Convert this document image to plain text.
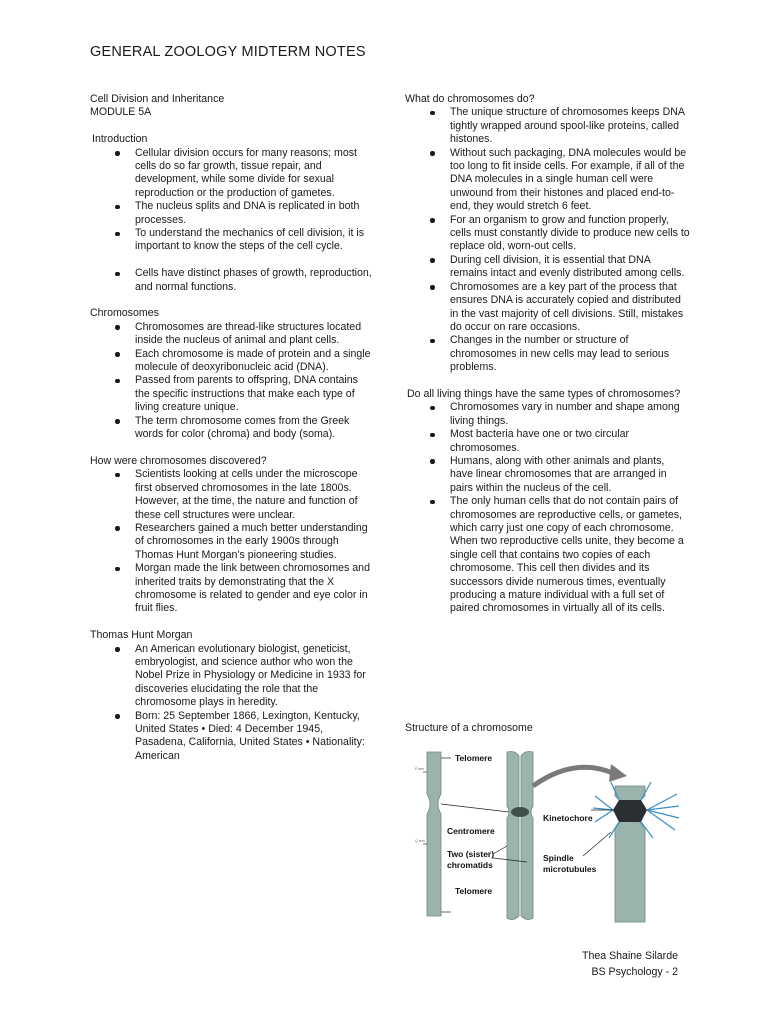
GENERAL ZOOLOGY MIDTERM NOTES
Cell Division and Inheritance
MODULE 5A
Introduction
Cellular division occurs for many reasons; most cells do so far growth, tissue repair, and development, while some divide for sexual reproduction or the production of gametes.
The nucleus splits and DNA is replicated in both processes.
To understand the mechanics of cell division, it is important to know the steps of the cell cycle.
Cells have distinct phases of growth, reproduction, and normal functions.
Chromosomes
Chromosomes are thread-like structures located inside the nucleus of animal and plant cells.
Each chromosome is made of protein and a single molecule of deoxyribonucleic acid (DNA).
Passed from parents to offspring, DNA contains the specific instructions that make each type of living creature unique.
The term chromosome comes from the Greek words for color (chroma) and body (soma).
How were chromosomes discovered?
Scientists looking at cells under the microscope first observed chromosomes in the late 1800s. However, at the time, the nature and function of these cell structures were unclear.
Researchers gained a much better understanding of chromosomes in the early 1900s through Thomas Hunt Morgan's pioneering studies.
Morgan made the link between chromosomes and inherited traits by demonstrating that the X chromosome is related to gender and eye color in fruit flies.
Thomas Hunt Morgan
An American evolutionary biologist, geneticist, embryologist, and science author who won the Nobel Prize in Physiology or Medicine in 1933 for discoveries elucidating the role that the chromosome plays in heredity.
Born: 25 September 1866, Lexington, Kentucky, United States • Died: 4 December 1945, Pasadena, California, United States • Nationality: American
What do chromosomes do?
The unique structure of chromosomes keeps DNA tightly wrapped around spool-like proteins, called histones.
Without such packaging, DNA molecules would be too long to fit inside cells. For example, if all of the DNA molecules in a single human cell were unwound from their histones and placed end-to-end, they would stretch 6 feet.
For an organism to grow and function properly, cells must constantly divide to produce new cells to replace old, worn-out cells.
During cell division, it is essential that DNA remains intact and evenly distributed among cells.
Chromosomes are a key part of the process that ensures DNA is accurately copied and distributed in the vast majority of cell divisions. Still, mistakes do occur on rare occasions.
Changes in the number or structure of chromosomes in new cells may lead to serious problems.
Do all living things have the same types of chromosomes?
Chromosomes vary in number and shape among living things.
Most bacteria have one or two circular chromosomes.
Humans, along with other animals and plants, have linear chromosomes that are arranged in pairs within the nucleus of the cell.
The only human cells that do not contain pairs of chromosomes are reproductive cells, or gametes, which carry just one copy of each chromosome. When two reproductive cells unite, they become a single cell that contains two copies of each chromosome. This cell then divides and its successors divide numerous times, eventually producing a mature individual with a full set of paired chromosomes in virtually all of its cells.
Structure of a chromosome
P arm
Q arm
Telomere
Centromere
Two (sister)
chromatids
Telomere
Kinetochore
Spindle
microtubules
Thea Shaine Silarde
BS Psychology - 2
